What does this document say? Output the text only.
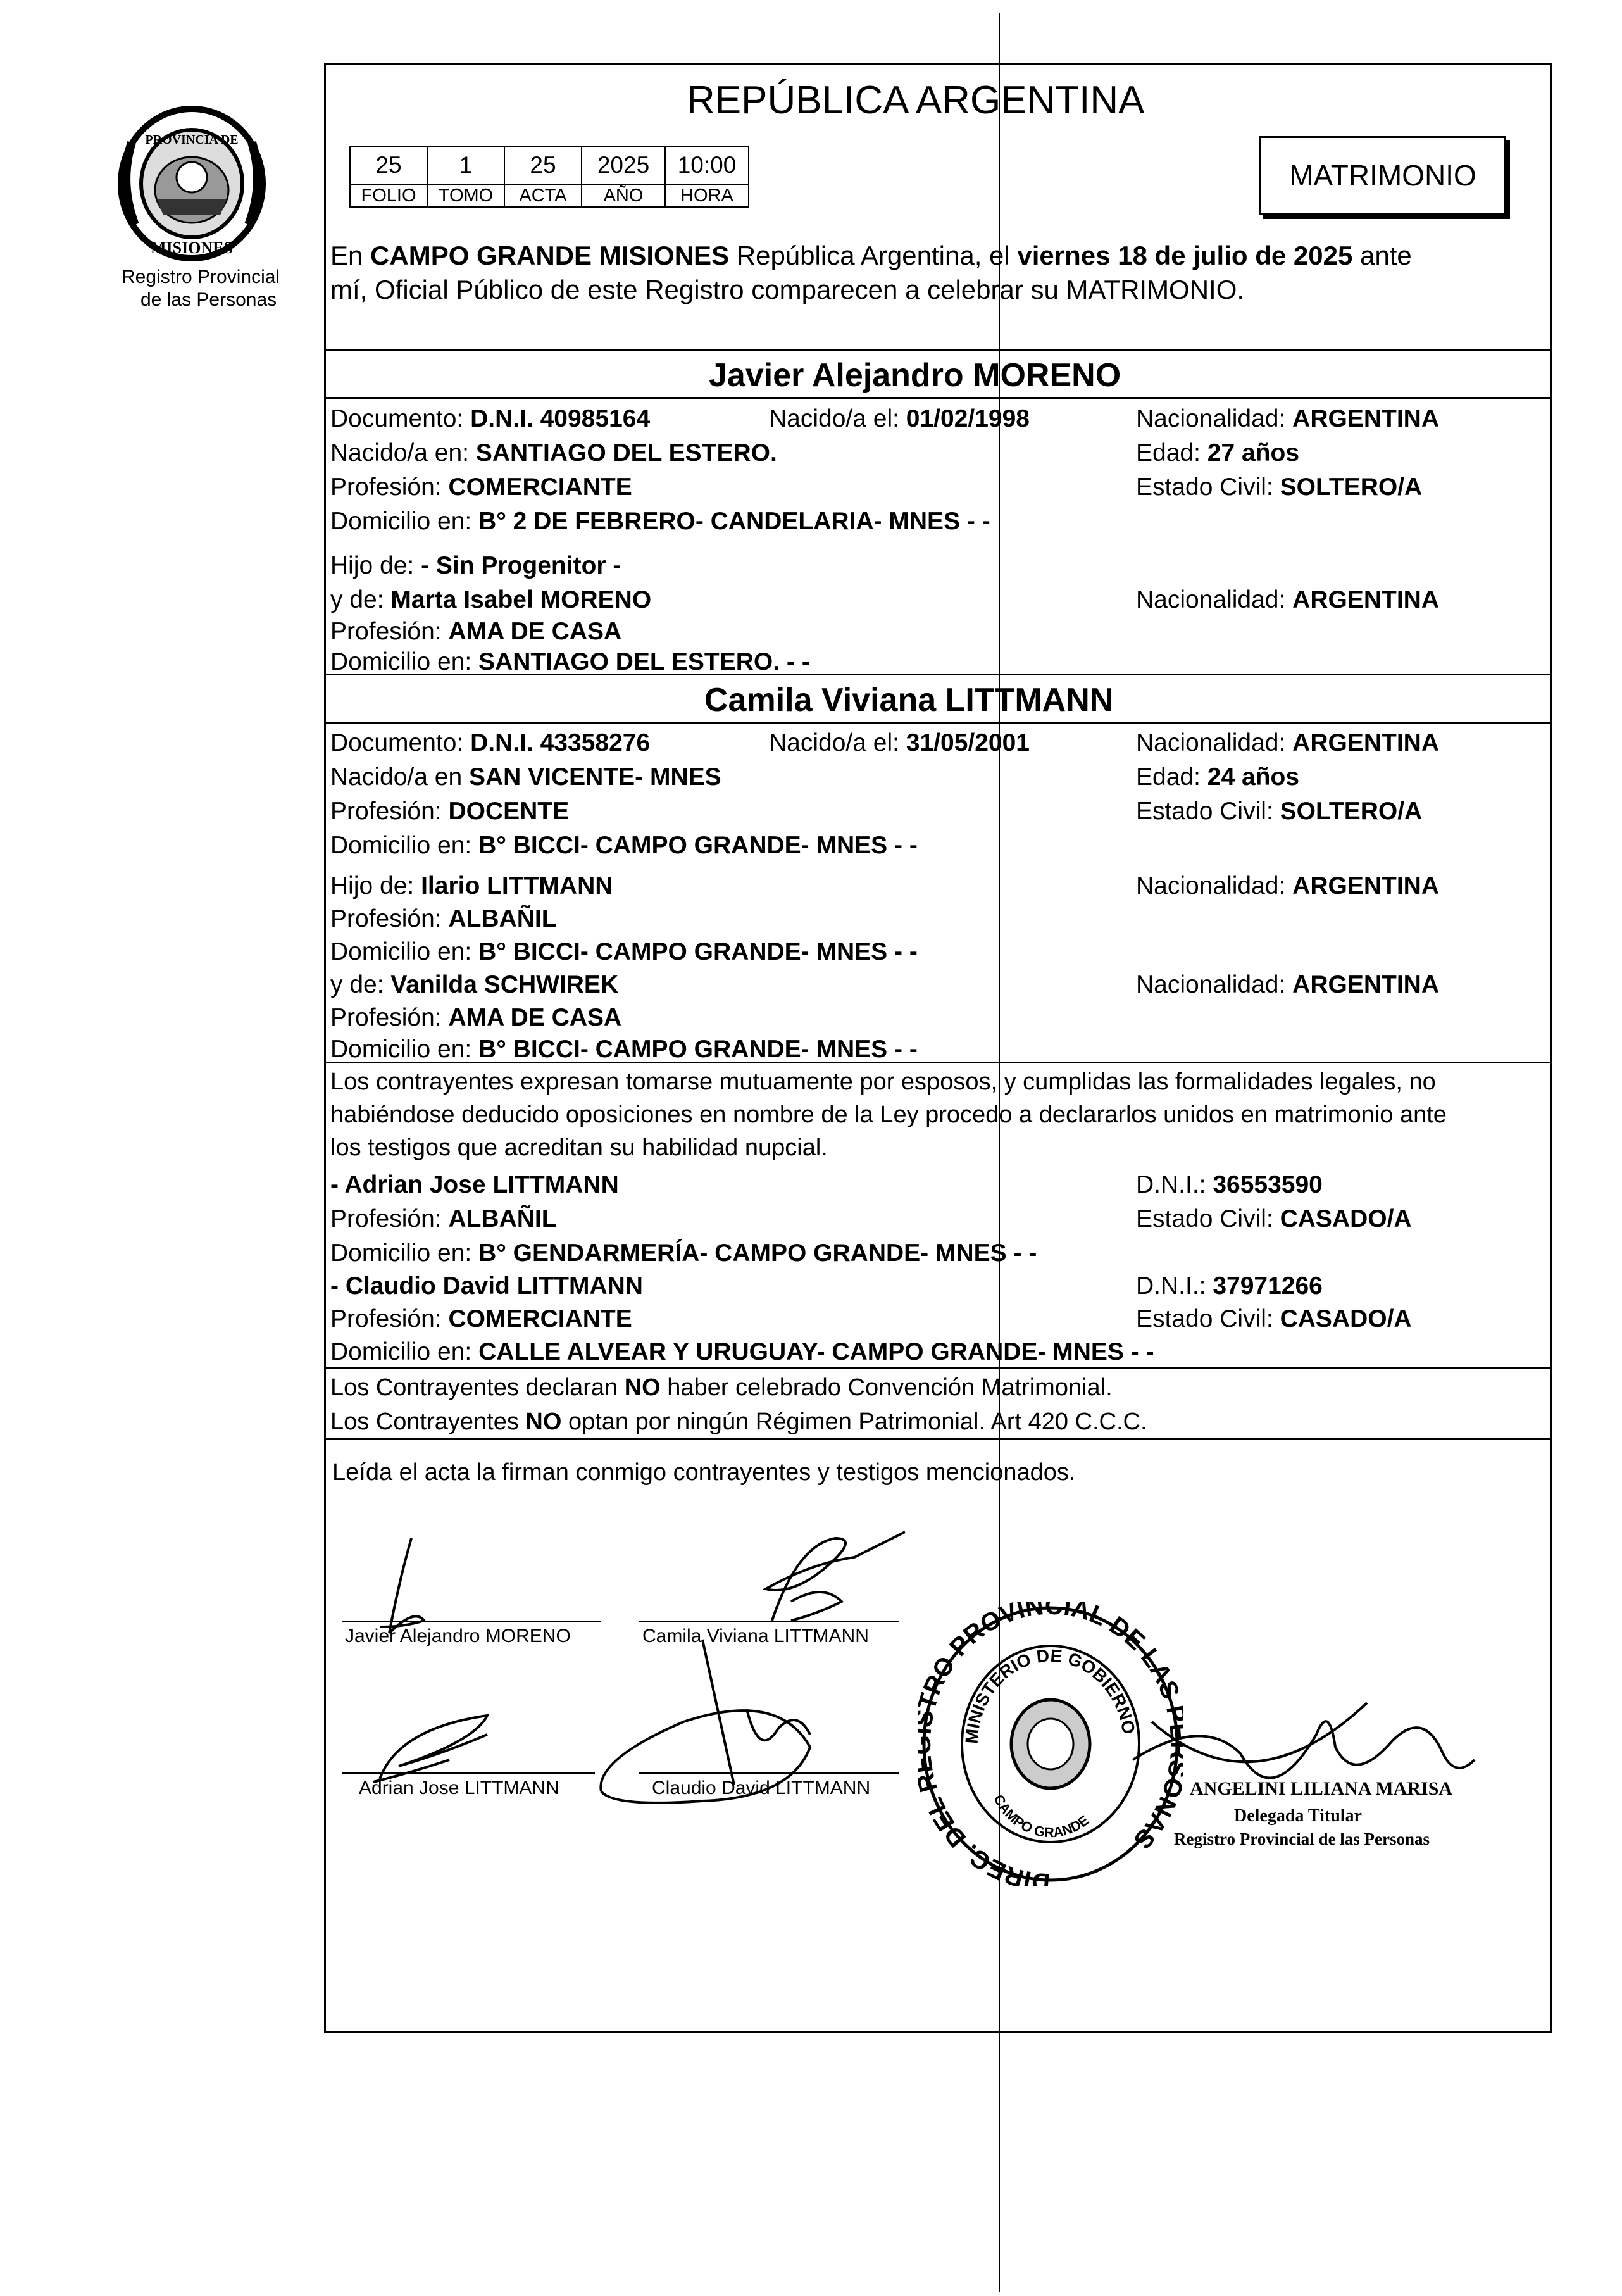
PROVINCIA DE
MISIONES
Registro Provincial
de las Personas
REPÚBLICA ARGENTINA
25	1	25	2025	10:00
FOLIO	TOMO	ACTA	AÑO	HORA
MATRIMONIO
En CAMPO GRANDE MISIONES República Argentina, el viernes 18 de julio de 2025 ante
mí, Oficial Público de este Registro comparecen a celebrar su MATRIMONIO.
Javier Alejandro MORENO
Documento: D.N.I. 40985164	Nacido/a el: 01/02/1998	Nacionalidad: ARGENTINA
Nacido/a en: SANTIAGO DEL ESTERO.	Edad: 27 años
Profesión: COMERCIANTE	Estado Civil: SOLTERO/A
Domicilio en: B° 2 DE FEBRERO- CANDELARIA- MNES - -
Hijo de: - Sin Progenitor -
y de: Marta Isabel MORENO	Nacionalidad: ARGENTINA
Profesión: AMA DE CASA
Domicilio en: SANTIAGO DEL ESTERO. - -
Camila Viviana LITTMANN
Documento: D.N.I. 43358276	Nacido/a el: 31/05/2001	Nacionalidad: ARGENTINA
Nacido/a en SAN VICENTE- MNES	Edad: 24 años
Profesión: DOCENTE	Estado Civil: SOLTERO/A
Domicilio en: B° BICCI- CAMPO GRANDE- MNES - -
Hijo de: Ilario LITTMANN	Nacionalidad: ARGENTINA
Profesión: ALBAÑIL
Domicilio en: B° BICCI- CAMPO GRANDE- MNES - -
y de: Vanilda SCHWIREK	Nacionalidad: ARGENTINA
Profesión: AMA DE CASA
Domicilio en: B° BICCI- CAMPO GRANDE- MNES - -
Los contrayentes expresan tomarse mutuamente por esposos, y cumplidas las formalidades legales, no
habiéndose deducido oposiciones en nombre de la Ley procedo a declararlos unidos en matrimonio ante
los testigos que acreditan su habilidad nupcial.
- Adrian Jose LITTMANN	D.N.I.: 36553590
Profesión: ALBAÑIL	Estado Civil: CASADO/A
Domicilio en: B° GENDARMERÍA- CAMPO GRANDE- MNES - -
- Claudio David LITTMANN	D.N.I.: 37971266
Profesión: COMERCIANTE	Estado Civil: CASADO/A
Domicilio en: CALLE ALVEAR Y URUGUAY- CAMPO GRANDE- MNES - -
Los Contrayentes declaran NO haber celebrado Convención Matrimonial.
Los Contrayentes NO optan por ningún Régimen Patrimonial. Art 420 C.C.C.
Leída el acta la firman conmigo contrayentes y testigos mencionados.
Javier Alejandro MORENO	Camila Viviana LITTMANN
Adrian Jose LITTMANN	Claudio David LITTMANN
DIREC. DEL RO PROVINCIAL DE LAS NAS
MINISTERIO DE GOBIERNO
CAMPO GRANDE
ANGELINI LILIANA MARISA
Delegada Titular
Registro Provincial de las Personas
